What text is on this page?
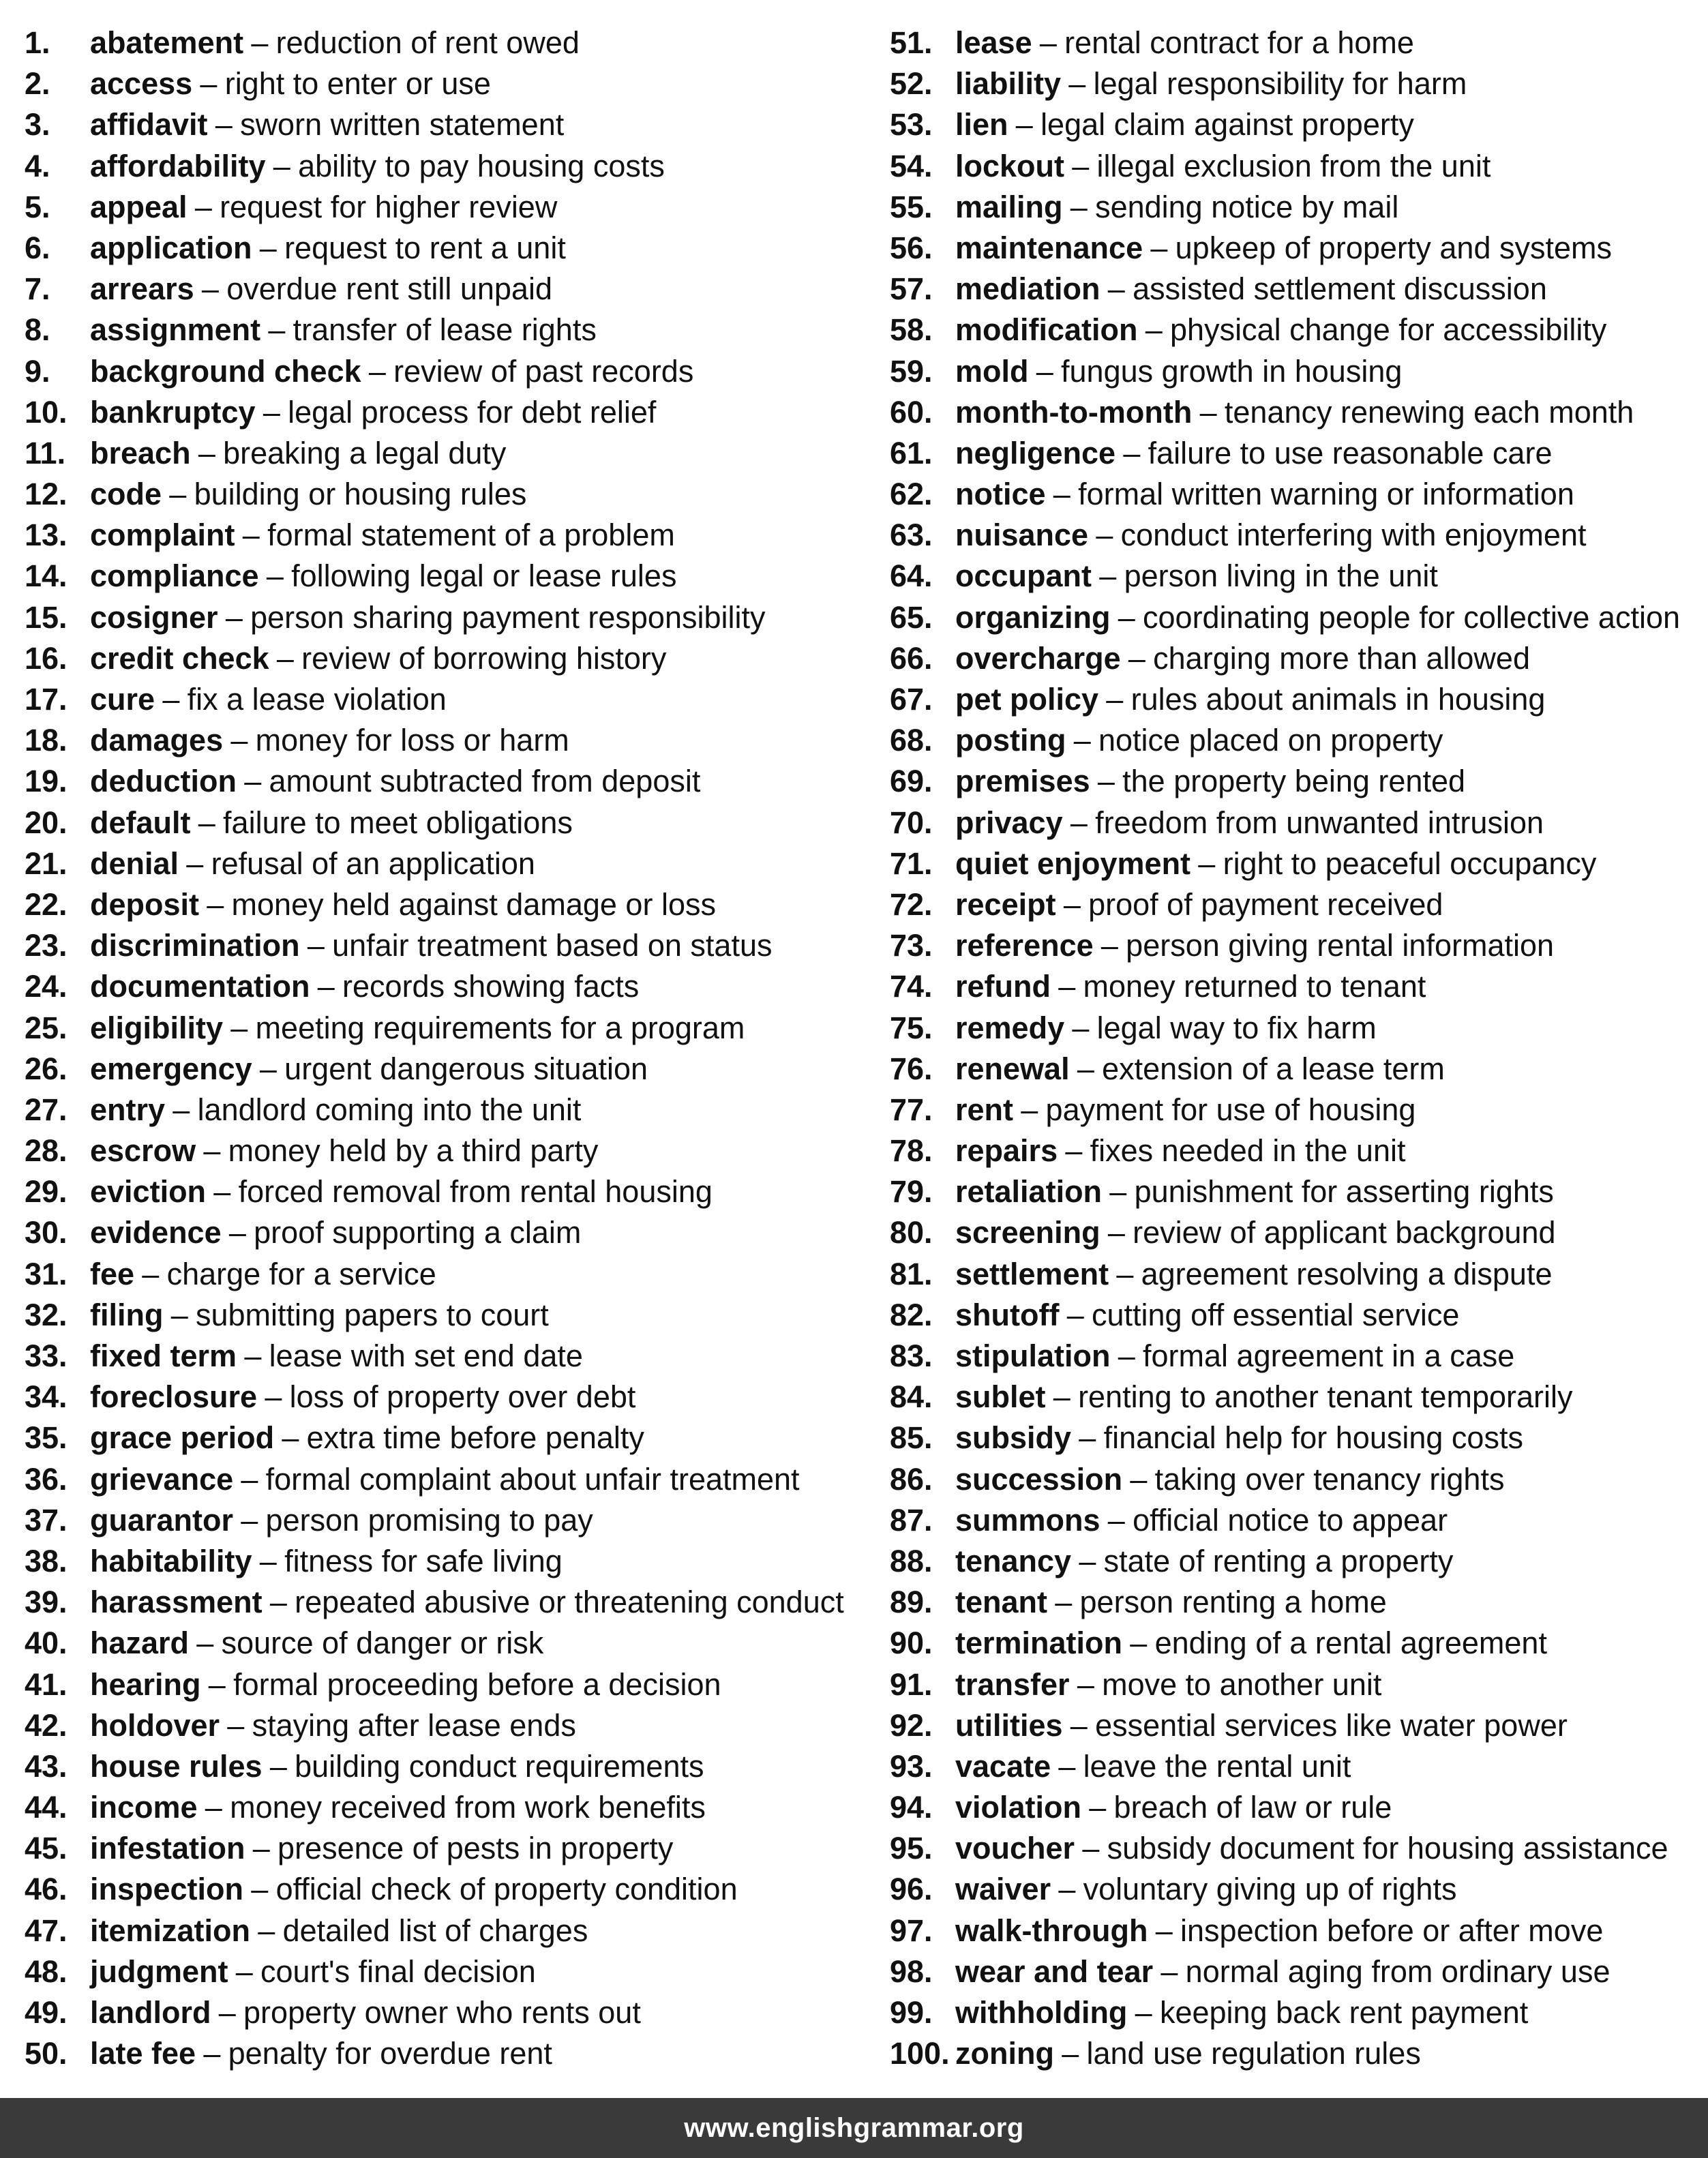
1.	abatement – reduction of rent owed
2.	access – right to enter or use
3.	affidavit – sworn written statement
4.	affordability – ability to pay housing costs
5.	appeal – request for higher review
6.	application – request to rent a unit
7.	arrears – overdue rent still unpaid
8.	assignment – transfer of lease rights
9.	background check – review of past records
10. bankruptcy – legal process for debt relief
11. breach – breaking a legal duty
12. code – building or housing rules
13. complaint – formal statement of a problem
14. compliance – following legal or lease rules
15. cosigner – person sharing payment responsibility
16. credit check – review of borrowing history
17. cure – fix a lease violation
18. damages – money for loss or harm
19. deduction – amount subtracted from deposit
20. default – failure to meet obligations
21. denial – refusal of an application
22. deposit – money held against damage or loss
23. discrimination – unfair treatment based on status
24. documentation – records showing facts
25. eligibility – meeting requirements for a program
26. emergency – urgent dangerous situation
27. entry – landlord coming into the unit
28. escrow – money held by a third party
29. eviction – forced removal from rental housing
30. evidence – proof supporting a claim
31. fee – charge for a service
32. filing – submitting papers to court
33. fixed term – lease with set end date
34. foreclosure – loss of property over debt
35. grace period – extra time before penalty
36. grievance – formal complaint about unfair treatment
37. guarantor – person promising to pay
38. habitability – fitness for safe living
39. harassment – repeated abusive or threatening conduct
40. hazard – source of danger or risk
41. hearing – formal proceeding before a decision
42. holdover – staying after lease ends
43. house rules – building conduct requirements
44. income – money received from work benefits
45. infestation – presence of pests in property
46. inspection – official check of property condition
47. itemization – detailed list of charges
48. judgment – court's final decision
49. landlord – property owner who rents out
50. late fee – penalty for overdue rent
51. lease – rental contract for a home
52. liability – legal responsibility for harm
53. lien – legal claim against property
54. lockout – illegal exclusion from the unit
55. mailing – sending notice by mail
56. maintenance – upkeep of property and systems
57. mediation – assisted settlement discussion
58. modification – physical change for accessibility
59. mold – fungus growth in housing
60. month-to-month – tenancy renewing each month
61. negligence – failure to use reasonable care
62. notice – formal written warning or information
63. nuisance – conduct interfering with enjoyment
64. occupant – person living in the unit
65. organizing – coordinating people for collective action
66. overcharge – charging more than allowed
67. pet policy – rules about animals in housing
68. posting – notice placed on property
69. premises – the property being rented
70. privacy – freedom from unwanted intrusion
71. quiet enjoyment – right to peaceful occupancy
72. receipt – proof of payment received
73. reference – person giving rental information
74. refund – money returned to tenant
75. remedy – legal way to fix harm
76. renewal – extension of a lease term
77. rent – payment for use of housing
78. repairs – fixes needed in the unit
79. retaliation – punishment for asserting rights
80. screening – review of applicant background
81. settlement – agreement resolving a dispute
82. shutoff – cutting off essential service
83. stipulation – formal agreement in a case
84. sublet – renting to another tenant temporarily
85. subsidy – financial help for housing costs
86. succession – taking over tenancy rights
87. summons – official notice to appear
88. tenancy – state of renting a property
89. tenant – person renting a home
90. termination – ending of a rental agreement
91. transfer – move to another unit
92. utilities – essential services like water power
93. vacate – leave the rental unit
94. violation – breach of law or rule
95. voucher – subsidy document for housing assistance
96. waiver – voluntary giving up of rights
97. walk-through – inspection before or after move
98. wear and tear – normal aging from ordinary use
99. withholding – keeping back rent payment
100. zoning – land use regulation rules
www.englishgrammar.org
